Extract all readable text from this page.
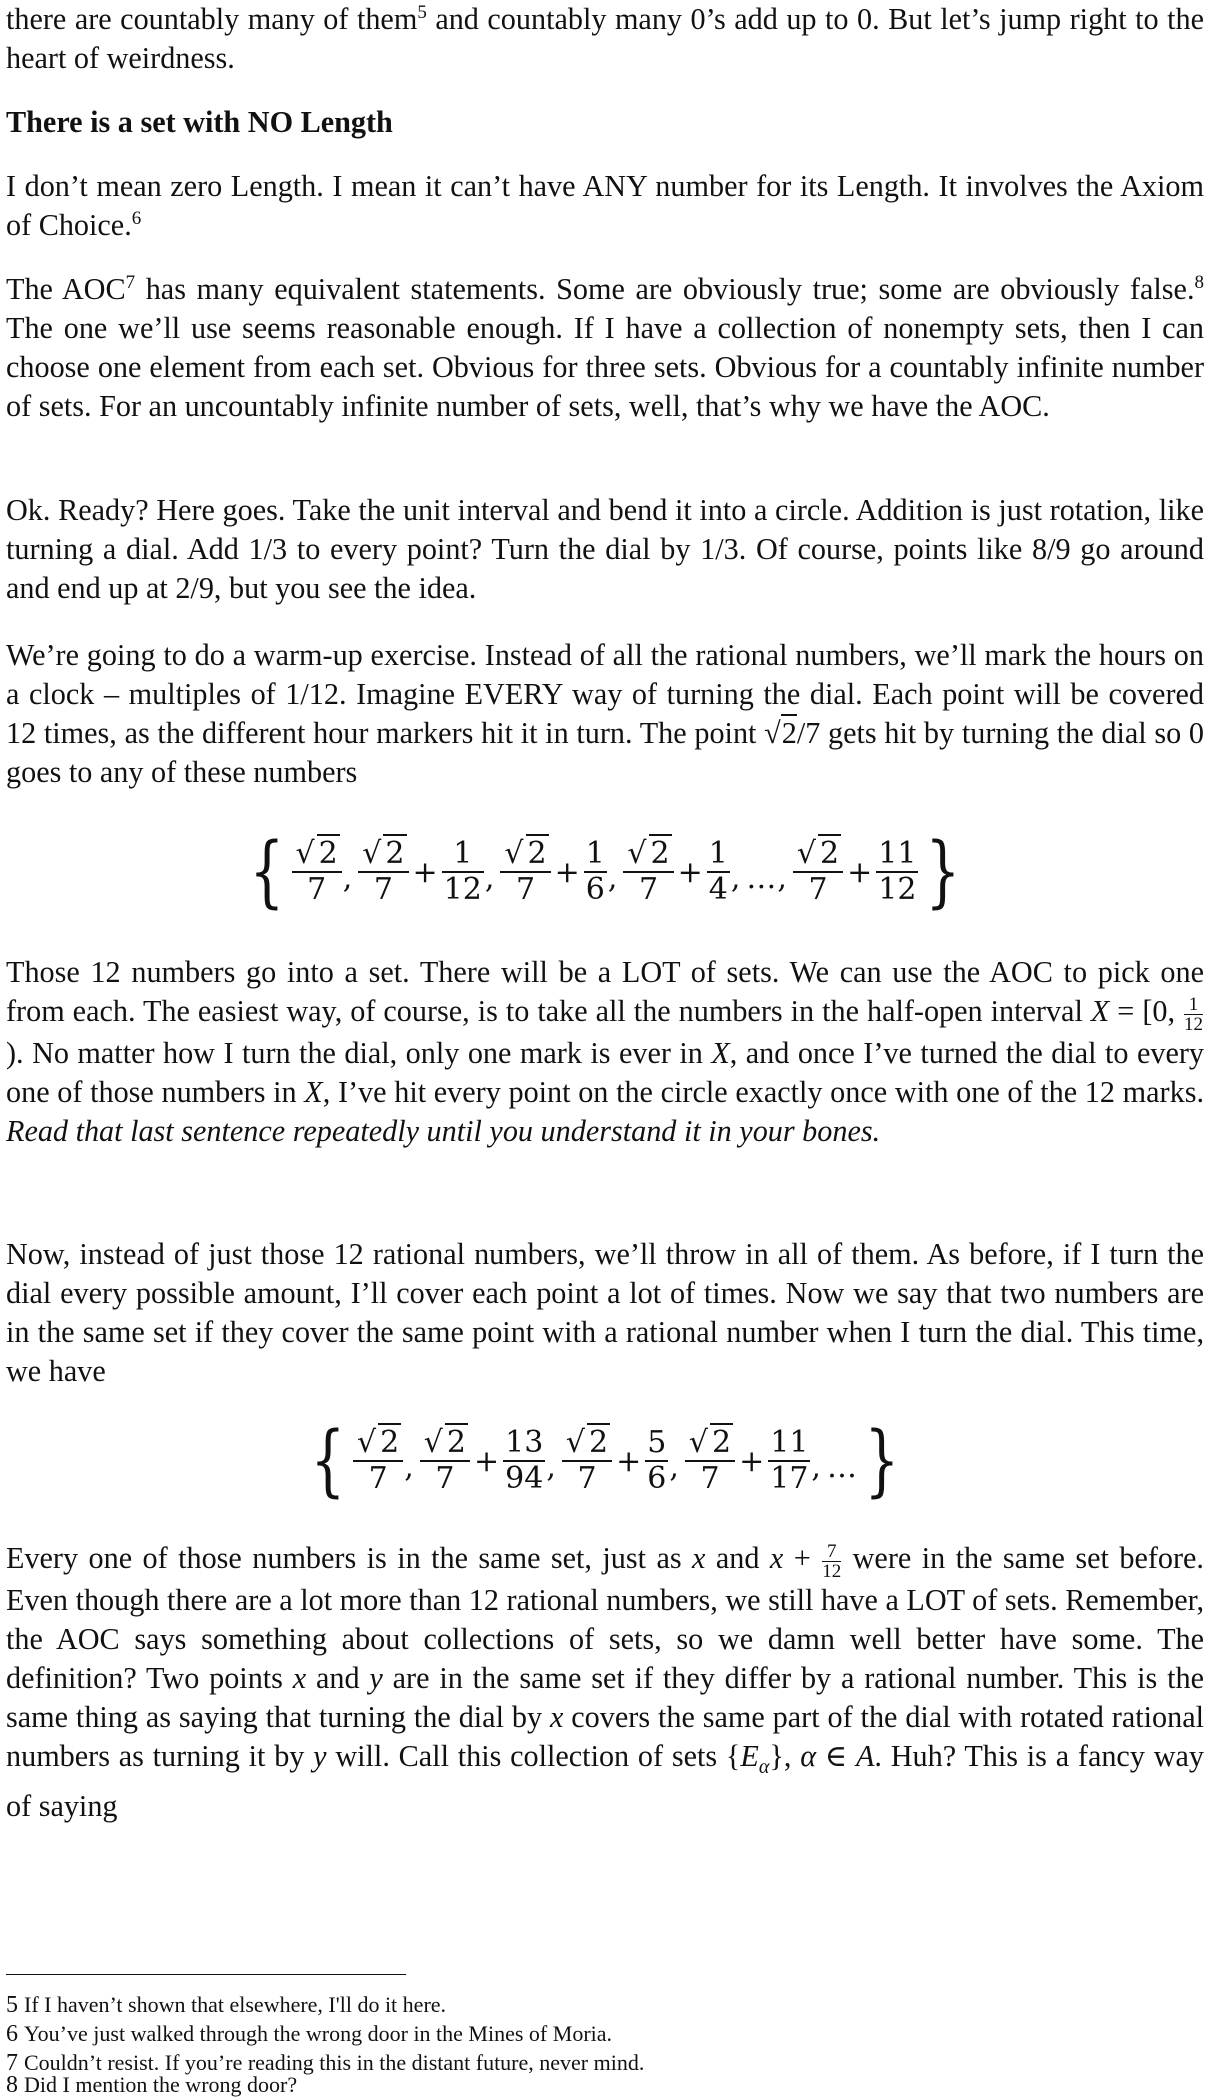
there are countably many of them$^5$ and countably many 0’s add up to 0. But let’s jump right to the heart of weirdness.

There is a set with NO Length

I don’t mean zero Length. I mean it can’t have ANY number for its Length. It involves the Axiom of Choice.$^6$

The AOC$^7$ has many equivalent statements. Some are obviously true; some are obviously false.$^8$ The one we’ll use seems reasonable enough. If I have a collection of nonempty sets, then I can choose one element from each set. Obvious for three sets. Obvious for a countably infinite number of sets. For an uncountably infinite number of sets, well, that’s why we have the AOC.

Ok. Ready? Here goes. Take the unit interval and bend it into a circle. Addition is just rotation, like turning a dial. Add 1/3 to every point? Turn the dial by 1/3. Of course, points like 8/9 go around and end up at 2/9, but you see the idea.

We’re going to do a warm-up exercise. Instead of all the rational numbers, we’ll mark the hours on a clock – multiples of 1/12. Imagine EVERY way of turning the dial. Each point will be covered 12 times, as the different hour markers hit it in turn. The point √2/7 gets hit by turning the dial so 0 goes to any of these numbers

{ $\frac{√ 2}{7}$ , $\frac{√ 2}{7} + \frac{1}{12}$ , $\frac{√ 2}{7} + \frac{1}{6}$ , $\frac{√ 2}{7} + \frac{1}{4}$ , … , $\frac{√ 2}{7} + \frac{11}{12}$ }

Those 12 numbers go into a set. There will be a LOT of sets. We can use the AOC to pick one from each. The easiest way, of course, is to take all the numbers in the half-open interval X = [0, $\frac{1}{12}$
). No matter how I turn the dial, only one mark is ever in X, and once I’ve turned the dial to every one of those numbers in X, I’ve hit every point on the circle exactly once with one of the 12 marks. Read that last sentence repeatedly until you understand it in your bones.

Now, instead of just those 12 rational numbers, we’ll throw in all of them. As before, if I turn the dial every possible amount, I’ll cover each point a lot of times. Now we say that two numbers are in the same set if they cover the same point with a rational number when I turn the dial. This time, we have

{ $\frac{√ 2}{7}$ , $\frac{√ 2}{7} + \frac{13}{94}$ , $\frac{√ 2}{7} + \frac{5}{6}$ , $\frac{√ 2}{7} + \frac{11}{17}$ , … }

Every one of those numbers is in the same set, just as x and $x + \frac{7}{12}$ were in the same set before. Even though there are a lot more than 12 rational numbers, we still have a LOT of sets. Remember, the AOC says something about collections of sets, so we damn well better have some. The definition? Two points x and y are in the same set if they differ by a rational number. This is the same thing as saying that turning the dial by x covers the same part of the dial with rotated rational numbers as turning it by y will. Call this collection of sets $\{E_\alpha\}$, α ∈ A. Huh? This is a fancy way of saying

5 If I haven’t shown that elsewhere, I'll do it here.
6 You’ve just walked through the wrong door in the Mines of Moria.
7 Couldn’t resist. If you’re reading this in the distant future, never mind.
8 Did I mention the wrong door?
